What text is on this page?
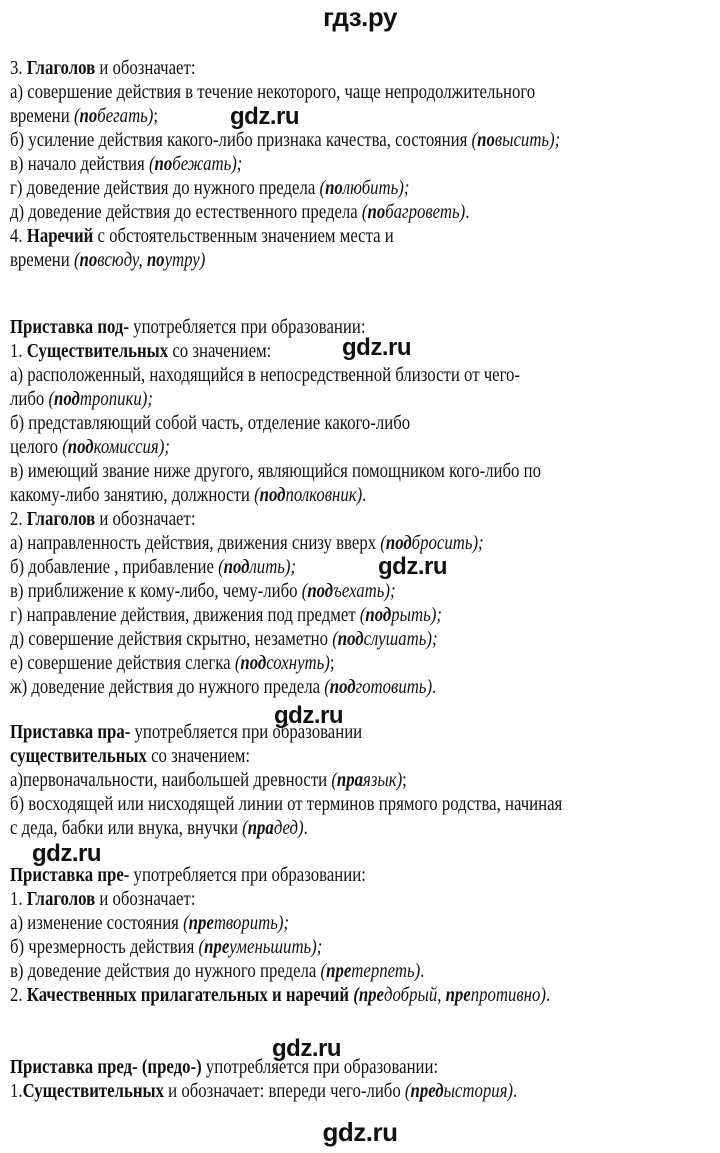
гдз.ру
3. Глаголов и обозначает:
а) совершение действия в течение некоторого, чаще непродолжительного
времени (побегать);	gdz.ru
б) усиление действия какого-либо признака качества, состояния (повысить);
в) начало действия (побежать);
г) доведение действия до нужного предела (полюбить);
д) доведение действия до естественного предела (побагроветь).
4. Наречий с обстоятельственным значением места и
времени (повсюду, поутру)
Приставка под- употребляется при образовании:
1. Существительных со значением:	gdz.ru
а) расположенный, находящийся в непосредственной близости от чего-
либо (подтропики);
б) представляющий собой часть, отделение какого-либо
целого (подкомиссия);
в) имеющий звание ниже другого, являющийся помощником кого-либо по
какому-либо занятию, должности (подполковник).
2. Глаголов и обозначает:
а) направленность действия, движения снизу вверх (подбросить);
б) добавление , прибавление (подлить);	gdz.ru
в) приближение к кому-либо, чему-либо (подъехать);
г) направление действия, движения под предмет (подрыть);
д) совершение действия скрытно, незаметно (подслушать);
е) совершение действия слегка (подсохнуть);
ж) доведение действия до нужного предела (подготовить).
gdz.ru
Приставка пра- употребляется при образовании
существительных со значением:
а)первоначальности, наибольшей древности (праязык);
б) восходящей или нисходящей линии от терминов прямого родства, начиная
с деда, бабки или внука, внучки (прадед).
gdz.ru
Приставка пре- употребляется при образовании:
1. Глаголов и обозначает:
а) изменение состояния (претворить);
б) чрезмерность действия (преуменьшить);
в) доведение действия до нужного предела (претерпеть).
2. Качественных прилагательных и наречий (предобрый, препротивно).
gdz.ru
Приставка пред- (предо-) употребляется при образовании:
1.Существительных и обозначает: впереди чего-либо (предыстория).
gdz.ru
